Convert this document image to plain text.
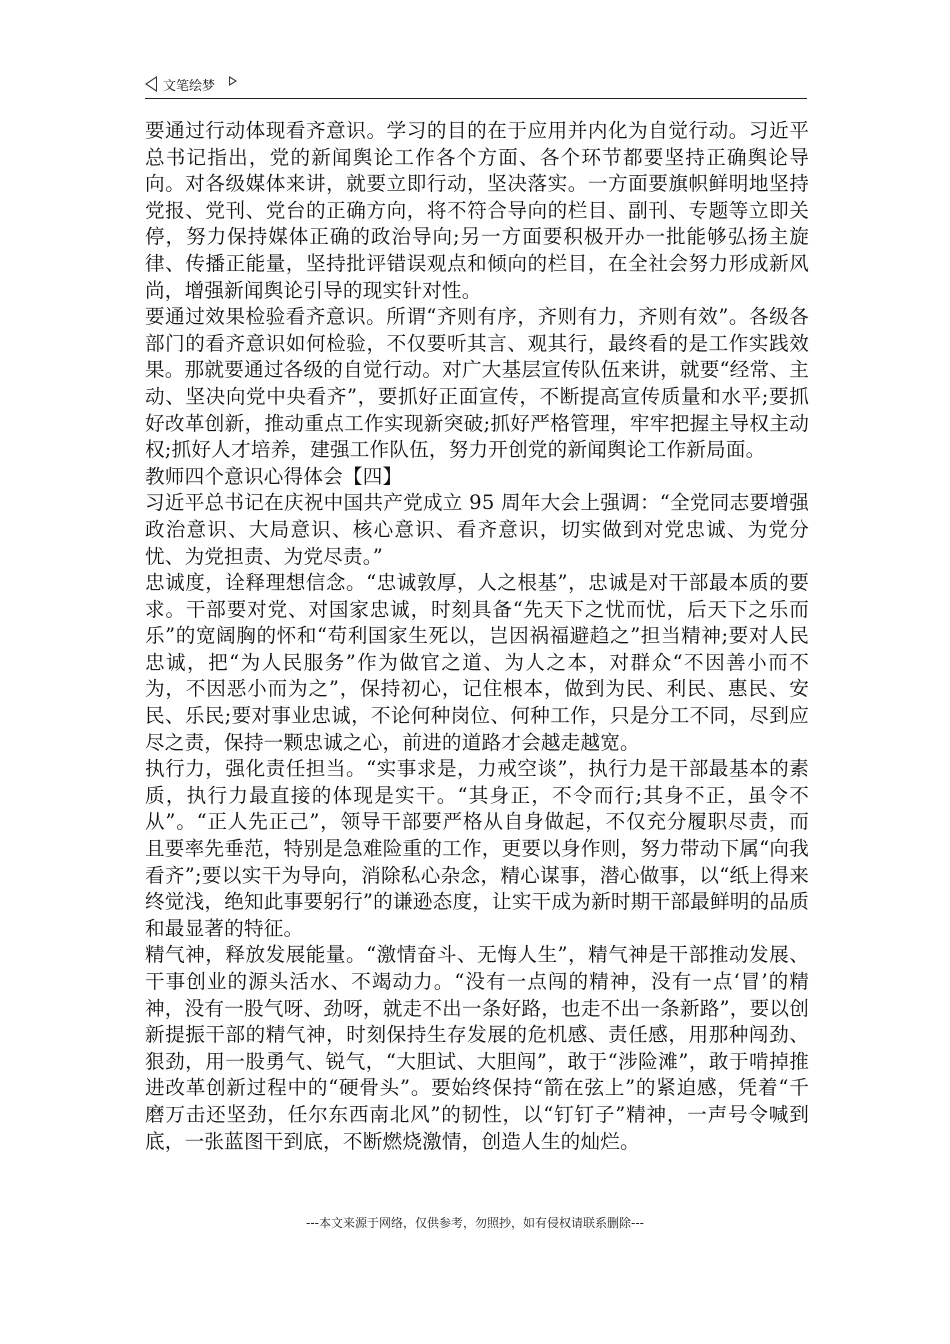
文笔绘梦

要通过行动体现看齐意识。学习的目的在于应用并内化为自觉行动。习近平总书记指出，党的新闻舆论工作各个方面、各个环节都要坚持正确舆论导向。对各级媒体来讲，就要立即行动，坚决落实。一方面要旗帜鲜明地坚持党报、党刊、党台的正确方向，将不符合导向的栏目、副刊、专题等立即关停，努力保持媒体正确的政治导向;另一方面要积极开办一批能够弘扬主旋律、传播正能量，坚持批评错误观点和倾向的栏目，在全社会努力形成新风尚，增强新闻舆论引导的现实针对性。

要通过效果检验看齐意识。所谓“齐则有序，齐则有力，齐则有效”。各级各部门的看齐意识如何检验，不仅要听其言、观其行，最终看的是工作实践效果。那就要通过各级的自觉行动。对广大基层宣传队伍来讲，就要“经常、主动、坚决向党中央看齐”，要抓好正面宣传，不断提高宣传质量和水平;要抓好改革创新，推动重点工作实现新突破;抓好严格管理，牢牢把握主导权主动权;抓好人才培养，建强工作队伍，努力开创党的新闻舆论工作新局面。

教师四个意识心得体会【四】

习近平总书记在庆祝中国共产党成立 95 周年大会上强调：“全党同志要增强政治意识、大局意识、核心意识、看齐意识，切实做到对党忠诚、为党分忧、为党担责、为党尽责。”

忠诚度，诠释理想信念。“忠诚敦厚，人之根基”，忠诚是对干部最本质的要求。干部要对党、对国家忠诚，时刻具备“先天下之忧而忧，后天下之乐而乐”的宽阔胸的怀和“苟利国家生死以，岂因祸福避趋之”担当精神;要对人民忠诚，把“为人民服务”作为做官之道、为人之本，对群众“不因善小而不为，不因恶小而为之”，保持初心，记住根本，做到为民、利民、惠民、安民、乐民;要对事业忠诚，不论何种岗位、何种工作，只是分工不同，尽到应尽之责，保持一颗忠诚之心，前进的道路才会越走越宽。

执行力，强化责任担当。“实事求是，力戒空谈”，执行力是干部最基本的素质，执行力最直接的体现是实干。“其身正，不令而行;其身不正，虽令不从”。“正人先正己”，领导干部要严格从自身做起，不仅充分履职尽责，而且要率先垂范，特别是急难险重的工作，更要以身作则，努力带动下属“向我看齐”;要以实干为导向，消除私心杂念，精心谋事，潜心做事，以“纸上得来终觉浅，绝知此事要躬行”的谦逊态度，让实干成为新时期干部最鲜明的品质和最显著的特征。

精气神，释放发展能量。“激情奋斗、无悔人生”，精气神是干部推动发展、干事创业的源头活水、不竭动力。“没有一点闯的精神，没有一点‘冒’的精神，没有一股气呀、劲呀，就走不出一条好路，也走不出一条新路”，要以创新提振干部的精气神，时刻保持生存发展的危机感、责任感，用那种闯劲、狠劲，用一股勇气、锐气，“大胆试、大胆闯”，敢于“涉险滩”，敢于啃掉推进改革创新过程中的“硬骨头”。要始终保持“箭在弦上”的紧迫感，凭着“千磨万击还坚劲，任尔东西南北风”的韧性，以“钉钉子”精神，一声号令喊到底，一张蓝图干到底，不断燃烧激情，创造人生的灿烂。

---本文来源于网络，仅供参考，勿照抄，如有侵权请联系删除---
